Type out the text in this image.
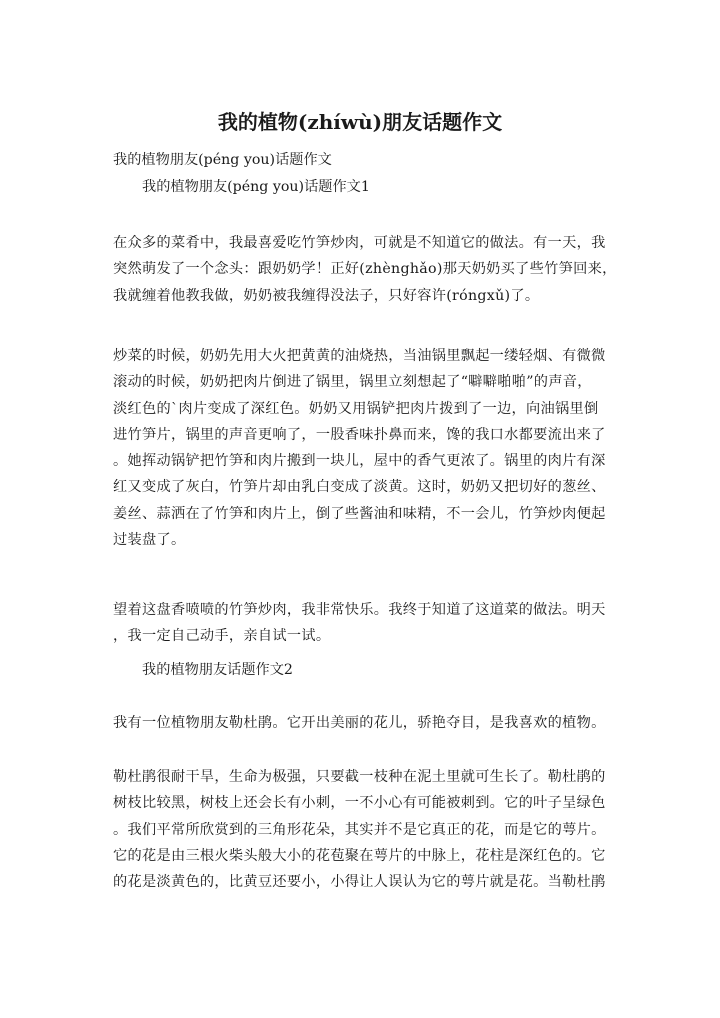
我的植物(zhíwù)朋友话题作文
我的植物朋友(péng you)话题作文
我的植物朋友(péng you)话题作文1
在众多的菜肴中，我最喜爱吃竹笋炒肉，可就是不知道它的做法。有一天，我
突然萌发了一个念头：跟奶奶学！正好(zhènghǎo)那天奶奶买了些竹笋回来，
我就缠着他教我做，奶奶被我缠得没法子，只好容许(róngxǔ)了。
炒菜的时候，奶奶先用大火把黄黄的油烧热，当油锅里飘起一缕轻烟、有微微
滚动的时候，奶奶把肉片倒进了锅里，锅里立刻想起了“噼噼啪啪”的声音，
淡红色的`肉片变成了深红色。奶奶又用锅铲把肉片拨到了一边，向油锅里倒
进竹笋片，锅里的声音更响了，一股香味扑鼻而来，馋的我口水都要流出来了
。她挥动锅铲把竹笋和肉片搬到一块儿，屋中的香气更浓了。锅里的肉片有深
红又变成了灰白，竹笋片却由乳白变成了淡黄。这时，奶奶又把切好的葱丝、
姜丝、蒜洒在了竹笋和肉片上，倒了些酱油和味精，不一会儿，竹笋炒肉便起
过装盘了。
望着这盘香喷喷的竹笋炒肉，我非常快乐。我终于知道了这道菜的做法。明天
，我一定自己动手，亲自试一试。
我的植物朋友话题作文2
我有一位植物朋友勒杜鹃。它开出美丽的花儿，骄艳夺目，是我喜欢的植物。
勒杜鹃很耐干旱，生命为极强，只要截一枝种在泥土里就可生长了。勒杜鹃的
树枝比较黑，树枝上还会长有小刺，一不小心有可能被刺到。它的叶子呈绿色
。我们平常所欣赏到的三角形花朵，其实并不是它真正的花，而是它的萼片。
它的花是由三根火柴头般大小的花苞聚在萼片的中脉上，花柱是深红色的。它
的花是淡黄色的，比黄豆还要小，小得让人误认为它的萼片就是花。当勒杜鹃
